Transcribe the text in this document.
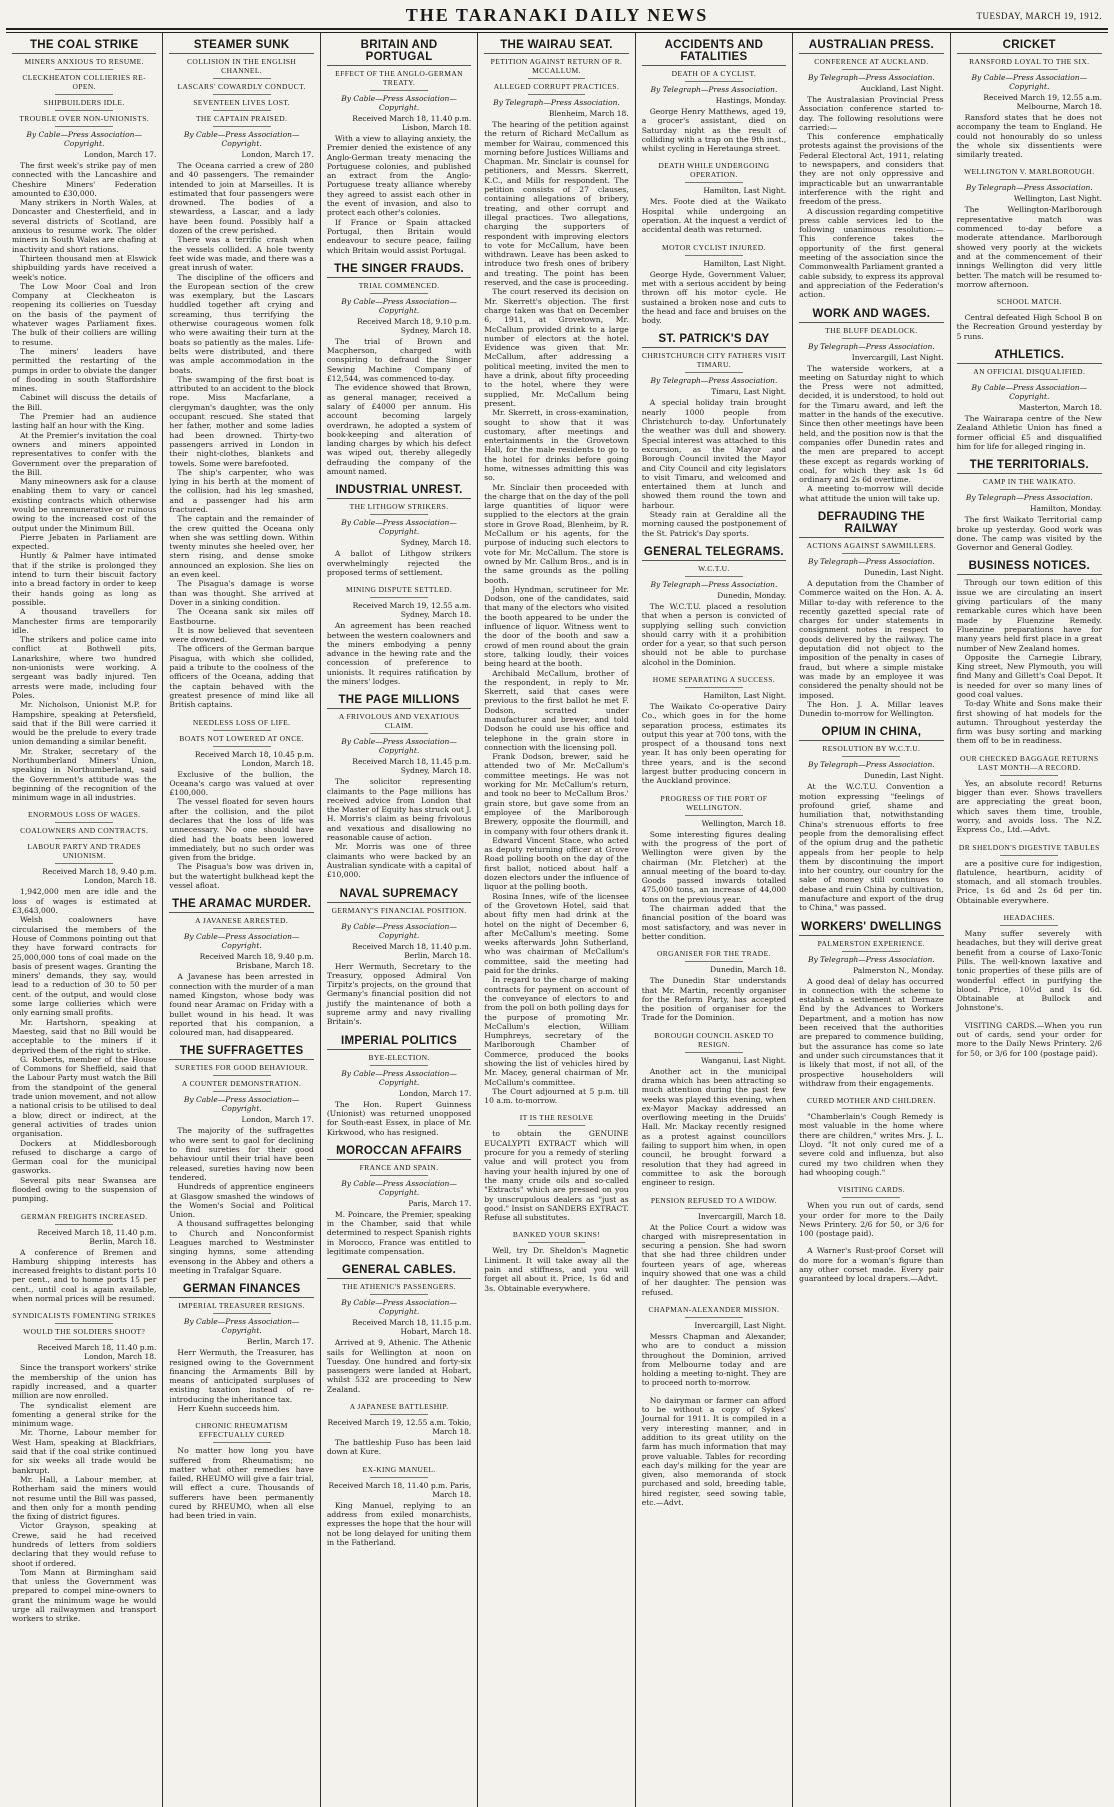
THE TARANAKI DAILY NEWS	TUESDAY, MARCH 19, 1912.
THE COAL STRIKE
MINERS ANXIOUS TO RESUME.
CLECKHEATON COLLIERIES RE-OPEN.
SHIPBUILDERS IDLE.
TROUBLE OVER NON-UNIONISTS.
By Cable—Press Association—Copyright.
London, March 17.

The first week's strike pay of men connected with the Lancashire and Cheshire Miners' Federation amounted to £30,000.

Many strikers in North Wales, at Doncaster and Chesterfield, and in several districts of Scotland, are anxious to resume work. The older miners in South Wales are chafing at inactivity and short rations.

Thirteen thousand men at Elswick shipbuilding yards have received a week's notice.

The Low Moor Coal and Iron Company at Cleckheaton is reopening its collieries on Tuesday on the basis of the payment of whatever wages Parliament fixes. The bulk of their colliers are willing to resume.

The miners' leaders have permitted the restarting of the pumps in order to obviate the danger of flooding in south Staffordshire mines.

Cabinet will discuss the details of the Bill.

The Premier had an audience lasting half an hour with the King.

At the Premier's invitation the coal owners and miners appointed representatives to confer with the Government over the preparation of the Bill.

Many mineowners ask for a clause enabling them to vary or cancel existing contracts which otherwise would be unremunerative or ruinous owing to the increased cost of the output under the Minimum Bill.

Pierre Jebaten in Parliament are expected.

Huntly & Palmer have intimated that if the strike is prolonged they intend to turn their biscuit factory into a bread factory in order to keep their hands going as long as possible.

A thousand travellers for Manchester firms are temporarily idle.

The strikers and police came into conflict at Bothwell pits, Lanarkshire, where two hundred non-unionists were working. A sergeant was badly injured. Ten arrests were made, including four Poles.

Mr. Nicholson, Unionist M.P. for Hampshire, speaking at Petersfield, said that if the Bill were carried it would be the prelude to every trade union demanding a similar benefit.

Mr. Straker, secretary of the Northumberland Miners' Union, speaking in Northumberland, said the Government's attitude was the beginning of the recognition of the minimum wage in all industries.

ENORMOUS LOSS OF WAGES.
COALOWNERS AND CONTRACTS.
LABOUR PARTY AND TRADES UNIONISM.
Received March 18, 9.40 p.m. London, March 18.

1,942,000 men are idle and the loss of wages is estimated at £3,643,000.

Welsh coalowners have circularised the members of the House of Commons pointing out that they have forward contracts for 25,000,000 tons of coal made on the basis of present wages. Granting the miners' demands, they say, would lead to a reduction of 30 to 50 per cent. of the output, and would close some large collieries which were only earning small profits.

Mr. Hartshorn, speaking at Maesteg, said that no Bill would be acceptable to the miners if it deprived them of the right to strike.

G. Roberts, member of the House of Commons for Sheffield, said that the Labour Party must watch the Bill from the standpoint of the general trade union movement, and not allow a national crisis to be utilised to deal a blow, direct or indirect, at the general activities of trades union organisation.

Dockers at Middlesborough refused to discharge a cargo of German coal for the municipal gasworks.

Several pits near Swansea are flooded owing to the suspension of pumping.

GERMAN FREIGHTS INCREASED.
Received March 18, 11.40 p.m. Berlin, March 18.

A conference of Bremen and Hamburg shipping interests has increased freights to distant ports 10 per cent., and to home ports 15 per cent., until coal is again available, when normal prices will be resumed.

SYNDICALISTS FOMENTING STRIKES
WOULD THE SOLDIERS SHOOT?
Received March 18, 11.40 p.m. London, March 18.

Since the transport workers' strike the membership of the union has rapidly increased, and a quarter million are now enrolled.

The syndicalist element are fomenting a general strike for the minimum wage.

Mr. Thorne, Labour member for West Ham, speaking at Blackfriars, said that if the coal strike continued for six weeks all trade would be bankrupt.

Mr. Hall, a Labour member, at Rotherham said the miners would not resume until the Bill was passed, and then only for a month pending the fixing of district figures.

Victor Grayson, speaking at Crewe, said he had received hundreds of letters from soldiers declaring that they would refuse to shoot if ordered.

Tom Mann at Birmingham said that unless the Government was prepared to compel mine-owners to grant the minimum wage he would urge all railwaymen and transport workers to strike.

STEAMER SUNK
COLLISION IN THE ENGLISH CHANNEL.
LASCARS' COWARDLY CONDUCT.
SEVENTEEN LIVES LOST.
THE CAPTAIN PRAISED.
By Cable—Press Association—Copyright.
London, March 17.

The Oceana carried a crew of 280 and 40 passengers. The remainder intended to join at Marseilles. It is estimated that four passengers were drowned. The bodies of a stewardess, a Lascar, and a lady have been found. Possibly half a dozen of the crew perished.

There was a terrific crash when the vessels collided. A hole twenty feet wide was made, and there was a great inrush of water.

The discipline of the officers and the European section of the crew was exemplary, but the Lascars huddled together aft crying and screaming, thus terrifying the otherwise courageous women folk who were awaiting their turn at the boats so patiently as the males. Life-belts were distributed, and there was ample accommodation in the boats.

The swamping of the first boat is attributed to an accident to the block rope. Miss Macfarlane, a clergyman's daughter, was the only occupant rescued. She stated that her father, mother and some ladies had been drowned. Thirty-two passengers arrived in London in their night-clothes, blankets and towels. Some were barefooted.

The ship's carpenter, who was lying in his berth at the moment of the collision, had his leg smashed, and a passenger had his arm fractured.

The captain and the remainder of the crew quitted the Oceana only when she was settling down. Within twenty minutes she heeled over, her stern rising, and dense smoke announced an explosion. She lies on an even keel.

The Pisagua's damage is worse than was thought. She arrived at Dover in a sinking condition.

The Oceana sank six miles off Eastbourne.

It is now believed that seventeen were drowned.

The officers of the German barque Pisagua, with which she collided, paid a tribute to the coolness of the officers of the Oceana, adding that the captain behaved with the greatest presence of mind like all British captains.

NEEDLESS LOSS OF LIFE.
BOATS NOT LOWERED AT ONCE.
Received March 18, 10.45 p.m. London, March 18.

Exclusive of the bullion, the Oceana's cargo was valued at over £100,000.

The vessel floated for seven hours after the collision, and the pilot declares that the loss of life was unnecessary. No one should have died had the boats been lowered immediately, but no such order was given from the bridge.

The Pisagua's bow was driven in, but the watertight bulkhead kept the vessel afloat.

THE ARAMAC MURDER.
A JAVANESE ARRESTED.
By Cable—Press Association—Copyright.
Received March 18, 9.40 p.m. Brisbane, March 18.

A Javanese has been arrested in connection with the murder of a man named Kingston, whose body was found near Aramac on Friday with a bullet wound in his head. It was reported that his companion, a coloured man, had disappeared.

THE SUFFRAGETTES
SURETIES FOR GOOD BEHAVIOUR.
A COUNTER DEMONSTRATION.
By Cable—Press Association—Copyright.
London, March 17.

The majority of the suffragettes who were sent to gaol for declining to find sureties for their good behaviour until their trial have been released, sureties having now been tendered.

Hundreds of apprentice engineers at Glasgow smashed the windows of the Women's Social and Political Union.

A thousand suffragettes belonging to Church and Nonconformist Leagues marched to Westminster singing hymns, some attending evensong in the Abbey and others a meeting in Trafalgar Square.

GERMAN FINANCES
IMPERIAL TREASURER RESIGNS.
By Cable—Press Association—Copyright.
Berlin, March 17.

Herr Wermuth, the Treasurer, has resigned owing to the Government financing the Armaments Bill by means of anticipated surpluses of existing taxation instead of re-introducing the inheritance tax.

Herr Kuehn succeeds him.

CHRONIC RHEUMATISM EFFECTUALLY CURED

No matter how long you have suffered from Rheumatism; no matter what other remedies have failed, RHEUMO will give a fair trial, will effect a cure. Thousands of sufferers have been permanently cured by RHEUMO, when all else had been tried in vain.

BRITAIN AND PORTUGAL
EFFECT OF THE ANGLO-GERMAN TREATY.
By Cable—Press Association—Copyright.
Received March 18, 11.40 p.m. Lisbon, March 18.

With a view to allaying anxiety, the Premier denied the existence of any Anglo-German treaty menacing the Portuguese colonies, and published an extract from the Anglo-Portuguese treaty alliance whereby they agreed to assist each other in the event of invasion, and also to protect each other's colonies.

If France or Spain attacked Portugal, then Britain would endeavour to secure peace, failing which Britain would assist Portugal.

THE SINGER FRAUDS.
TRIAL COMMENCED.
By Cable—Press Association—Copyright.
Received March 18, 9.10 p.m. Sydney, March 18.

The trial of Brown and Macpherson, charged with conspiring to defraud the Singer Sewing Machine Company of £12,544, was commenced to-day.

The evidence showed that Brown, as general manager, received a salary of £4000 per annum. His account becoming largely overdrawn, he adopted a system of book-keeping and alteration of landing charges by which his defect was wiped out, thereby allegedly defrauding the company of the amount named.

INDUSTRIAL UNREST.
THE LITHGOW STRIKERS.
By Cable—Press Association—Copyright.
Sydney, March 18.

A ballot of Lithgow strikers overwhelmingly rejected the proposed terms of settlement.

MINING DISPUTE SETTLED.
Received March 19, 12.55 a.m. Sydney, March 18.

An agreement has been reached between the western coalowners and the miners embodying a penny advance in the hewing rate and the concession of preference to unionists. It requires ratification by the miners' lodges.

THE PAGE MILLIONS
A FRIVOLOUS AND VEXATIOUS CLAIM.
By Cable—Press Association—Copyright.
Received March 18, 11.45 p.m. Sydney, March 18.

The solicitor representing claimants to the Page millions has received advice from London that the Master of Equity has struck out J. H. Morris's claim as being frivolous and vexatious and disallowing no reasonable cause of action.

Mr. Morris was one of three claimants who were backed by an Australian syndicate with a capital of £10,000.

NAVAL SUPREMACY
GERMANY'S FINANCIAL POSITION.
By Cable—Press Association—Copyright.
Received March 18, 11.40 p.m. Berlin, March 18.

Herr Wermuth, Secretary to the Treasury, opposed Admiral Von Tirpitz's projects, on the ground that Germany's financial position did not justify the maintenance of both a supreme army and navy rivalling Britain's.

IMPERIAL POLITICS
BYE-ELECTION.
By Cable—Press Association—Copyright.
London, March 17.

The Hon. Rupert Guinness (Unionist) was returned unopposed for South-east Essex, in place of Mr. Kirkwood, who has resigned.

MOROCCAN AFFAIRS
FRANCE AND SPAIN.
By Cable—Press Association—Copyright.
Paris, March 17.

M. Poincare, the Premier, speaking in the Chamber, said that while determined to respect Spanish rights in Morocco, France was entitled to legitimate compensation.

GENERAL CABLES.
THE ATHENIC'S PASSENGERS.
By Cable—Press Association—Copyright.
Received March 18, 11.15 p.m. Hobart, March 18.

Arrived at 9, Athenic. The Athenic sails for Wellington at noon on Tuesday. One hundred and forty-six passengers were landed at Hobart, whilst 532 are proceeding to New Zealand.

A JAPANESE BATTLESHIP.
Received March 19, 12.55 a.m. Tokio, March 18.

The battleship Fuso has been laid down at Kure.

EX-KING MANUEL.
Received March 18, 11.40 p.m. Paris, March 18.

King Manuel, replying to an address from exiled monarchists, expresses the hope that the hour will not be long delayed for uniting them in the Fatherland.

THE WAIRAU SEAT.
PETITION AGAINST RETURN OF R. MCCALLUM.
ALLEGED CORRUPT PRACTICES.
By Telegraph—Press Association.
Blenheim, March 18.

The hearing of the petition against the return of Richard McCallum as member for Wairau, commenced this morning before Justices Williams and Chapman. Mr. Sinclair is counsel for petitioners, and Messrs. Skerrett, K.C., and Mills for respondent. The petition consists of 27 clauses, containing allegations of bribery, treating, and other corrupt and illegal practices. Two allegations, charging the supporters of respondent with improving electors to vote for McCallum, have been withdrawn. Leave has been asked to introduce two fresh ones of bribery and treating. The point has been reserved, and the case is proceeding.

The court reserved its decision on Mr. Skerrett's objection. The first charge taken was that on December 6, 1911, at Grovetown, Mr. McCallum provided drink to a large number of electors at the hotel. Evidence was given that Mr. McCallum, after addressing a political meeting, invited the men to have a drink, about fifty proceeding to the hotel, where they were supplied, Mr. McCallum being present.

Mr. Skerrett, in cross-examination, sought to show that it was customary, after meetings and entertainments in the Grovetown Hall, for the male residents to go to the hotel for drinks before going home, witnesses admitting this was so.

Mr. Sinclair then proceeded with the charge that on the day of the poll large quantities of liquor were supplied to the electors at the grain store in Grove Road, Blenheim, by R. McCallum or his agents, for the purpose of inducing such electors to vote for Mr. McCallum. The store is owned by Mr. Callum Bros., and is in the same grounds as the polling booth.

John Hyndman, scrutineer for Mr. Dodson, one of the candidates, said that many of the electors who visited the booth appeared to be under the influence of liquor. Witness went to the door of the booth and saw a crowd of men round about the grain store, talking loudly, their voices being heard at the booth.

Archibald McCallum, brother of the respondent, in reply to Mr. Skerrett, said that cases were previous to the first ballot he met F. Dodson, scratted under manufacturer and brewer, and told Dodson he could use his office and telephone in the grain store in connection with the licensing poll.

Frank Dodson, brewer, said he attended two of Mr. McCallum's committee meetings. He was not working for Mr. McCallum's return, and took no beer to McCallum Bros.' grain store, but gave some from an employee of the Marlborough Brewery, opposite the flourmill, and in company with four others drank it.

Edward Vincent Stace, who acted as deputy returning officer at Grove Road polling booth on the day of the first ballot, noticed about half a dozen electors under the influence of liquor at the polling booth.

Rosina Innes, wife of the licensee of the Grovetown Hotel, said that about fifty men had drink at the hotel on the night of December 6, after McCallum's meeting. Some weeks afterwards John Sutherland, who was chairman of McCallum's committee, said the meeting had paid for the drinks.

In regard to the charge of making contracts for payment on account of the conveyance of electors to and from the poll on both polling days for the purpose of promoting Mr. McCallum's election, William Humphreys, secretary of the Marlborough Chamber of Commerce, produced the books showing the list of vehicles hired by Mr. Macey, general chairman of Mr. McCallum's committee.

The Court adjourned at 5 p.m. till 10 a.m. to-morrow.

IT IS THE RESOLVE

to obtain the GENUINE EUCALYPTI EXTRACT which will procure for you a remedy of sterling value and will protect you from having your health injured by one of the many crude oils and so-called "Extracts" which are pressed on you by unscrupulous dealers as "just as good." Insist on SANDERS EXTRACT. Refuse all substitutes.

BANKED YOUR SKINS!

Well, try Dr. Sheldon's Magnetic Liniment. It will take away all the pain and stiffness, and you will forget all about it. Price, 1s 6d and 3s. Obtainable everywhere.

ACCIDENTS AND FATALITIES
DEATH OF A CYCLIST.
By Telegraph—Press Association.
Hastings, Monday.

George Henry Matthews, aged 19, a grocer's assistant, died on Saturday night as the result of colliding with a trap on the 9th inst., whilst cycling in Heretaunga street.

DEATH WHILE UNDERGOING OPERATION.
Hamilton, Last Night.

Mrs. Foote died at the Waikato Hospital while undergoing an operation. At the inquest a verdict of accidental death was returned.

MOTOR CYCLIST INJURED.
Hamilton, Last Night.

George Hyde, Government Valuer, met with a serious accident by being thrown off his motor cycle. He sustained a broken nose and cuts to the head and face and bruises on the body.

ST. PATRICK'S DAY
CHRISTCHURCH CITY FATHERS VISIT TIMARU.
By Telegraph—Press Association.
Timaru, Last Night.

A special holiday train brought nearly 1000 people from Christchurch to-day. Unfortunately the weather was dull and showery. Special interest was attached to this excursion, as the Mayor and Borough Council invited the Mayor and City Council and city legislators to visit Timaru, and welcomed and entertained them at lunch and showed them round the town and harbour.

Steady rain at Geraldine all the morning caused the postponement of the St. Patrick's Day sports.

GENERAL TELEGRAMS.
W.C.T.U.
By Telegraph—Press Association.
Dunedin, Monday.

The W.C.T.U. placed a resolution that when a person is convicted of supplying selling such conviction should carry with it a prohibition order for a year, so that such person should not be able to purchase alcohol in the Dominion.

HOME SEPARATING A SUCCESS.
Hamilton, Last Night.

The Waikato Co-operative Dairy Co., which goes in for the home separation process, estimates its output this year at 700 tons, with the prospect of a thousand tons next year. It has only been operating for three years, and is the second largest butter producing concern in the Auckland province.

PROGRESS OF THE PORT OF WELLINGTON.
Wellington, March 18.

Some interesting figures dealing with the progress of the port of Wellington were given by the chairman (Mr. Fletcher) at the annual meeting of the board to-day. Goods passed inwards totalled 475,000 tons, an increase of 44,000 tons on the previous year.

The chairman added that the financial position of the board was most satisfactory, and was never in better condition.

ORGANISER FOR THE TRADE.
Dunedin, March 18.

The Dunedin Star understands that Mr. Martin, recently organiser for the Reform Party, has accepted the position of organiser for the Trade for the Dominion.

BOROUGH COUNCIL ASKED TO RESIGN.
Wanganui, Last Night.

Another act in the municipal drama which has been attracting so much attention during the past few weeks was played this evening, when ex-Mayor Mackay addressed an overflowing meeting in the Druids' Hall. Mr. Mackay recently resigned as a protest against councillors failing to support him when, in open council, he brought forward a resolution that they had agreed in committee to ask the borough engineer to resign.

PENSION REFUSED TO A WIDOW.
Invercargill, March 18.

At the Police Court a widow was charged with misrepresentation in securing a pension. She had sworn that she had three children under fourteen years of age, whereas inquiry showed that one was a child of her daughter. The pension was refused.

CHAPMAN-ALEXANDER MISSION.
Invercargill, Last Night.

Messrs Chapman and Alexander, who are to conduct a mission throughout the Dominion, arrived from Melbourne today and are holding a meeting to-night. They are to proceed north to-morrow.

No dairyman or farmer can afford to be without a copy of Sykes' Journal for 1911. It is compiled in a very interesting manner, and in addition to its great utility on the farm has much information that may prove valuable. Tables for recording each day's milking for the year are given, also memoranda of stock purchased and sold, breeding table, hired register, seed sowing table, etc.—Advt.

AUSTRALIAN PRESS.
CONFERENCE AT AUCKLAND.
By Telegraph—Press Association.
Auckland, Last Night.

The Australasian Provincial Press Association conference started to-day. The following resolutions were carried:—

This conference emphatically protests against the provisions of the Federal Electoral Act, 1911, relating to newspapers, and considers that they are not only oppressive and impracticable but an unwarrantable interference with the right and freedom of the press.

A discussion regarding competitive press cable services led to the following unanimous resolution:—This conference takes the opportunity of the first general meeting of the association since the Commonwealth Parliament granted a cable subsidy, to express its approval and appreciation of the Federation's action.

WORK AND WAGES.
THE BLUFF DEADLOCK.
By Telegraph—Press Association.
Invercargill, Last Night.

The waterside workers, at a meeting on Saturday night to which the Press were not admitted, decided, it is understood, to hold out for the Timaru award, and left the matter in the hands of the executive. Since then other meetings have been held, and the position now is that the companies offer Dunedin rates and the men are prepared to accept these except as regards working of coal, for which they ask 1s 6d ordinary and 2s 6d overtime.

A meeting to-morrow will decide what attitude the union will take up.

DEFRAUDING THE RAILWAY
ACTIONS AGAINST SAWMILLERS.
By Telegraph—Press Association.
Dunedin, Last Night.

A deputation from the Chamber of Commerce waited on the Hon. A. A. Millar to-day with reference to the recently gazetted special rate of charges for under statements in consignment notes in respect to goods delivered by the railway. The deputation did not object to the imposition of the penalty in cases of fraud, but where a simple mistake was made by an employee it was considered the penalty should not be imposed.

The Hon. J. A. Millar leaves Dunedin to-morrow for Wellington.

OPIUM IN CHINA,
RESOLUTION BY W.C.T.U.
By Telegraph—Press Association.
Dunedin, Last Night.

At the W.C.T.U. Convention a motion expressing "feelings of profound grief, shame and humiliation that, notwithstanding China's strenuous efforts to free people from the demoralising effect of the opium drug and the pathetic appeals from her people to help them by discontinuing the import into her country, our country for the sake of money still continues to debase and ruin China by cultivation, manufacture and export of the drug to China," was passed.

WORKERS' DWELLINGS
PALMERSTON EXPERIENCE.
By Telegraph—Press Association.
Palmerston N., Monday.

A good deal of delay has occurred in connection with the scheme to establish a settlement at Dernaze End by the Advances to Workers Department, and a motion has now been received that the authorities are prepared to commence building, but the assurance has come so late and under such circumstances that it is likely that most, if not all, of the prospective householders will withdraw from their engagements.

CURED MOTHER AND CHILDREN.

"Chamberlain's Cough Remedy is most valuable in the home where there are children," writes Mrs. J. L. Lloyd. "It not only cured me of a severe cold and influenza, but also cured my two children when they had whooping cough."

VISITING CARDS.

When you run out of cards, send your order for more to the Daily News Printery. 2/6 for 50, or 3/6 for 100 (postage paid).

A Warner's Rust-proof Corset will do more for a woman's figure than any other corset made. Every pair guaranteed by local drapers.—Advt.

CRICKET
RANSFORD LOYAL TO THE SIX.
By Cable—Press Association—Copyright.
Received March 19, 12.55 a.m. Melbourne, March 18.

Ransford states that he does not accompany the team to England. He could not honourably do so unless the whole six dissentients were similarly treated.

WELLINGTON V. MARLBOROUGH.
By Telegraph—Press Association.
Wellington, Last Night.

The Wellington-Marlborough representative match was commenced to-day before a moderate attendance. Marlborough showed very poorly at the wickets and at the commencement of their innings Wellington did very little better. The match will be resumed to-morrow afternoon.

SCHOOL MATCH.

Central defeated High School B on the Recreation Ground yesterday by 5 runs.

ATHLETICS.
AN OFFICIAL DISQUALIFIED.
By Cable—Press Association—Copyright.
Masterton, March 18.

The Wairarapa centre of the New Zealand Athletic Union has fined a former official £5 and disqualified him for life for alleged ringing in.

THE TERRITORIALS.
CAMP IN THE WAIKATO.
By Telegraph—Press Association.
Hamilton, Monday.

The first Waikato Territorial camp broke up yesterday. Good work was done. The camp was visited by the Governor and General Godley.

BUSINESS NOTICES.

Through our town edition of this issue we are circulating an insert giving particulars of the many remarkable cures which have been made by Fluenzine Remedy. Fluenzine preparations have for many years held first place in a great number of New Zealand homes.

Opposite the Carnegie Library, King street, New Plymouth, you will find Many and Gillett's Coal Depot. It is needed for over so many lines of good coal values.

To-day White and Sons make their first showing of hat models for the autumn. Throughout yesterday the firm was busy sorting and marking them off to be in readiness.

OUR CHECKED BAGGAGE RETURNS LAST MONTH—A RECORD.

Yes, an absolute record! Returns bigger than ever. Shows travellers are appreciating the great boon, which saves them time, trouble, worry, and avoids loss. The N.Z. Express Co., Ltd.—Advt.

DR SHELDON'S DIGESTIVE TABULES

are a positive cure for indigestion, flatulence, heartburn, acidity of stomach, and all stomach troubles. Price, 1s 6d and 2s 6d per tin. Obtainable everywhere.

HEADACHES.

Many suffer severely with headaches, but they will derive great benefit from a course of Laxo-Tonic Pills. The well-known laxative and tonic properties of these pills are of wonderful effect in purifying the blood. Price, 10½d and 1s 6d. Obtainable at Bullock and Johnstone's.

VISITING CARDS.—When you run out of cards, send your order for more to the Daily News Printery. 2/6 for 50, or 3/6 for 100 (postage paid).
